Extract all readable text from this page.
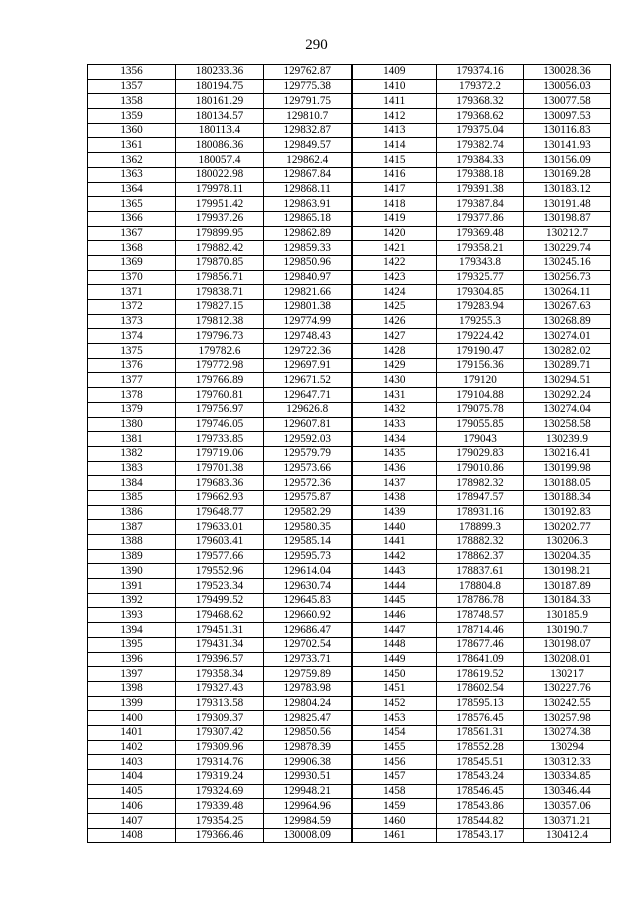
290
1356	180233.36	129762.87	1409	179374.16	130028.36
1357	180194.75	129775.38	1410	179372.2	130056.03
1358	180161.29	129791.75	1411	179368.32	130077.58
1359	180134.57	129810.7	1412	179368.62	130097.53
1360	180113.4	129832.87	1413	179375.04	130116.83
1361	180086.36	129849.57	1414	179382.74	130141.93
1362	180057.4	129862.4	1415	179384.33	130156.09
1363	180022.98	129867.84	1416	179388.18	130169.28
1364	179978.11	129868.11	1417	179391.38	130183.12
1365	179951.42	129863.91	1418	179387.84	130191.48
1366	179937.26	129865.18	1419	179377.86	130198.87
1367	179899.95	129862.89	1420	179369.48	130212.7
1368	179882.42	129859.33	1421	179358.21	130229.74
1369	179870.85	129850.96	1422	179343.8	130245.16
1370	179856.71	129840.97	1423	179325.77	130256.73
1371	179838.71	129821.66	1424	179304.85	130264.11
1372	179827.15	129801.38	1425	179283.94	130267.63
1373	179812.38	129774.99	1426	179255.3	130268.89
1374	179796.73	129748.43	1427	179224.42	130274.01
1375	179782.6	129722.36	1428	179190.47	130282.02
1376	179772.98	129697.91	1429	179156.36	130289.71
1377	179766.89	129671.52	1430	179120	130294.51
1378	179760.81	129647.71	1431	179104.88	130292.24
1379	179756.97	129626.8	1432	179075.78	130274.04
1380	179746.05	129607.81	1433	179055.85	130258.58
1381	179733.85	129592.03	1434	179043	130239.9
1382	179719.06	129579.79	1435	179029.83	130216.41
1383	179701.38	129573.66	1436	179010.86	130199.98
1384	179683.36	129572.36	1437	178982.32	130188.05
1385	179662.93	129575.87	1438	178947.57	130188.34
1386	179648.77	129582.29	1439	178931.16	130192.83
1387	179633.01	129580.35	1440	178899.3	130202.77
1388	179603.41	129585.14	1441	178882.32	130206.3
1389	179577.66	129595.73	1442	178862.37	130204.35
1390	179552.96	129614.04	1443	178837.61	130198.21
1391	179523.34	129630.74	1444	178804.8	130187.89
1392	179499.52	129645.83	1445	178786.78	130184.33
1393	179468.62	129660.92	1446	178748.57	130185.9
1394	179451.31	129686.47	1447	178714.46	130190.7
1395	179431.34	129702.54	1448	178677.46	130198.07
1396	179396.57	129733.71	1449	178641.09	130208.01
1397	179358.34	129759.89	1450	178619.52	130217
1398	179327.43	129783.98	1451	178602.54	130227.76
1399	179313.58	129804.24	1452	178595.13	130242.55
1400	179309.37	129825.47	1453	178576.45	130257.98
1401	179307.42	129850.56	1454	178561.31	130274.38
1402	179309.96	129878.39	1455	178552.28	130294
1403	179314.76	129906.38	1456	178545.51	130312.33
1404	179319.24	129930.51	1457	178543.24	130334.85
1405	179324.69	129948.21	1458	178546.45	130346.44
1406	179339.48	129964.96	1459	178543.86	130357.06
1407	179354.25	129984.59	1460	178544.82	130371.21
1408	179366.46	130008.09	1461	178543.17	130412.4
